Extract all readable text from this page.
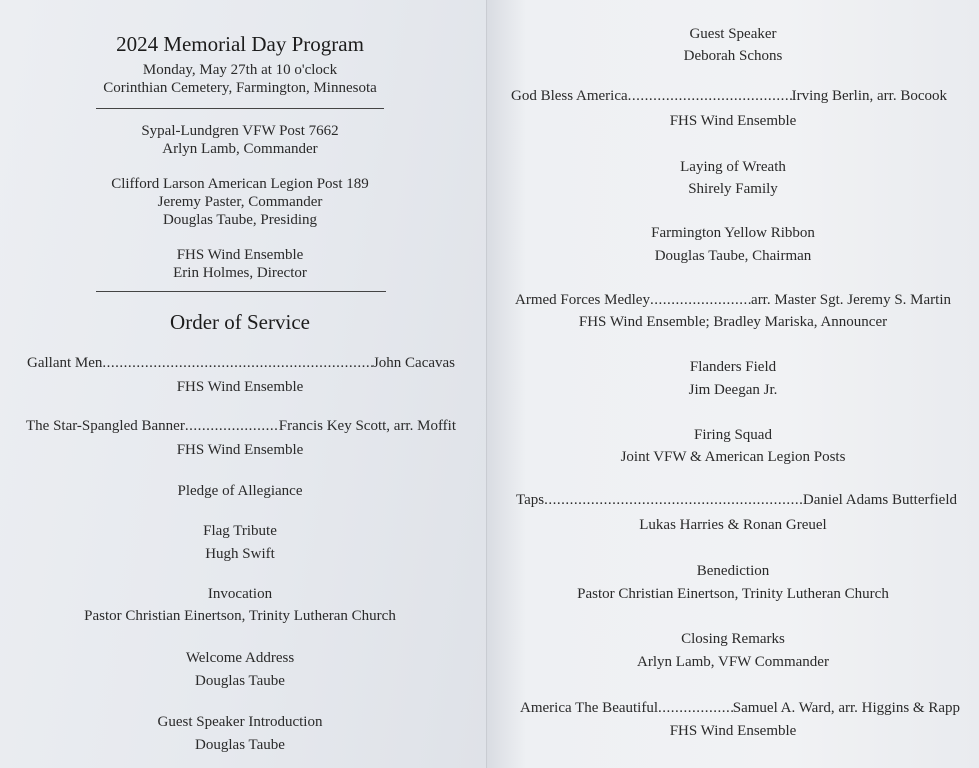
2024 Memorial Day Program
Monday, May 27th at 10 o'clock
Corinthian Cemetery, Farmington, Minnesota
Sypal-Lundgren VFW Post 7662
Arlyn Lamb, Commander
Clifford Larson American Legion Post 189
Jeremy Paster, Commander
Douglas Taube, Presiding
FHS Wind Ensemble
Erin Holmes, Director
Order of Service
Gallant Men .....	John Cacavas
FHS Wind Ensemble
The Star-Spangled Banner .....	Francis Key Scott, arr. Moffit
FHS Wind Ensemble
Pledge of Allegiance
Flag Tribute
Hugh Swift
Invocation
Pastor Christian Einertson, Trinity Lutheran Church
Welcome Address
Douglas Taube
Guest Speaker Introduction
Douglas Taube
Guest Speaker
Deborah Schons
God Bless America .....	Irving Berlin, arr. Bocook
FHS Wind Ensemble
Laying of Wreath
Shirely Family
Farmington Yellow Ribbon
Douglas Taube, Chairman
Armed Forces Medley .....	arr. Master Sgt. Jeremy S. Martin
FHS Wind Ensemble; Bradley Mariska, Announcer
Flanders Field
Jim Deegan Jr.
Firing Squad
Joint VFW & American Legion Posts
Taps .....	Daniel Adams Butterfield
Lukas Harries & Ronan Greuel
Benediction
Pastor Christian Einertson, Trinity Lutheran Church
Closing Remarks
Arlyn Lamb, VFW Commander
America The Beautiful .....	Samuel A. Ward, arr. Higgins & Rapp
FHS Wind Ensemble
